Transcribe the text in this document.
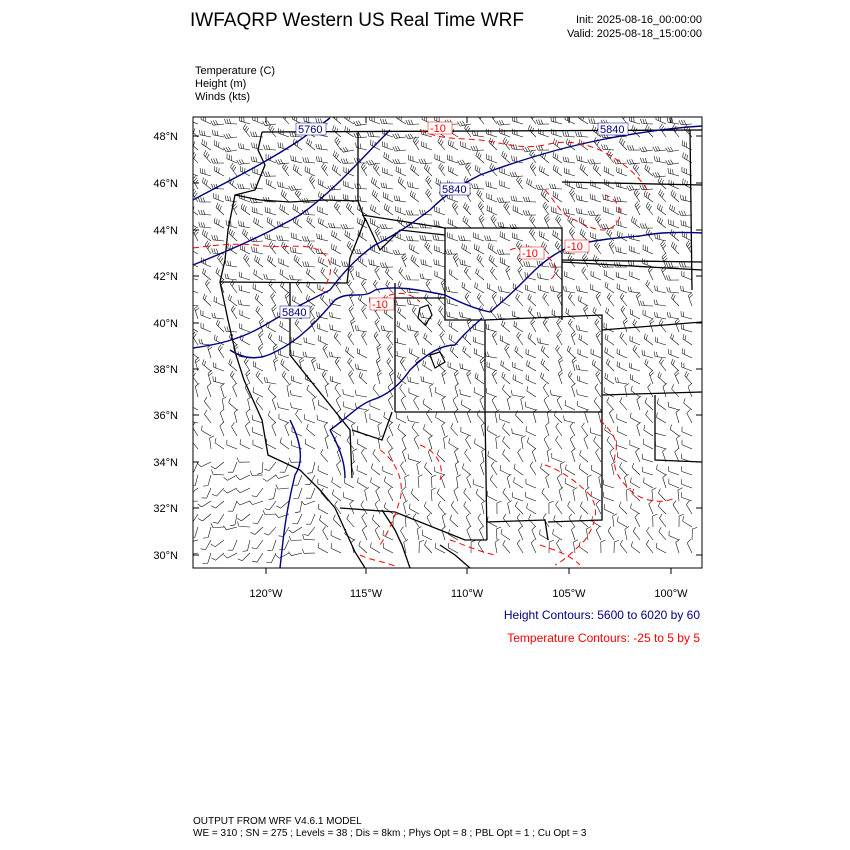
IWFAQRP Western US Real Time WRF	Init: 2025-08-16_00:00:00
Valid: 2025-08-18_15:00:00
Temperature (C)
Height (m)
Winds (kts)
5760
5840
5840
5840
-10
-10
-10
-10
48°N
46°N
44°N
42°N
40°N
38°N
36°N
34°N
32°N
30°N
120°W	115°W	110°W	105°W	100°W
Height Contours: 5600 to 6020 by 60
Temperature Contours: -25 to 5 by 5
OUTPUT FROM WRF V4.6.1 MODEL
WE = 310 ; SN = 275 ; Levels = 38 ; Dis = 8km ; Phys Opt = 8 ; PBL Opt = 1 ; Cu Opt = 3
